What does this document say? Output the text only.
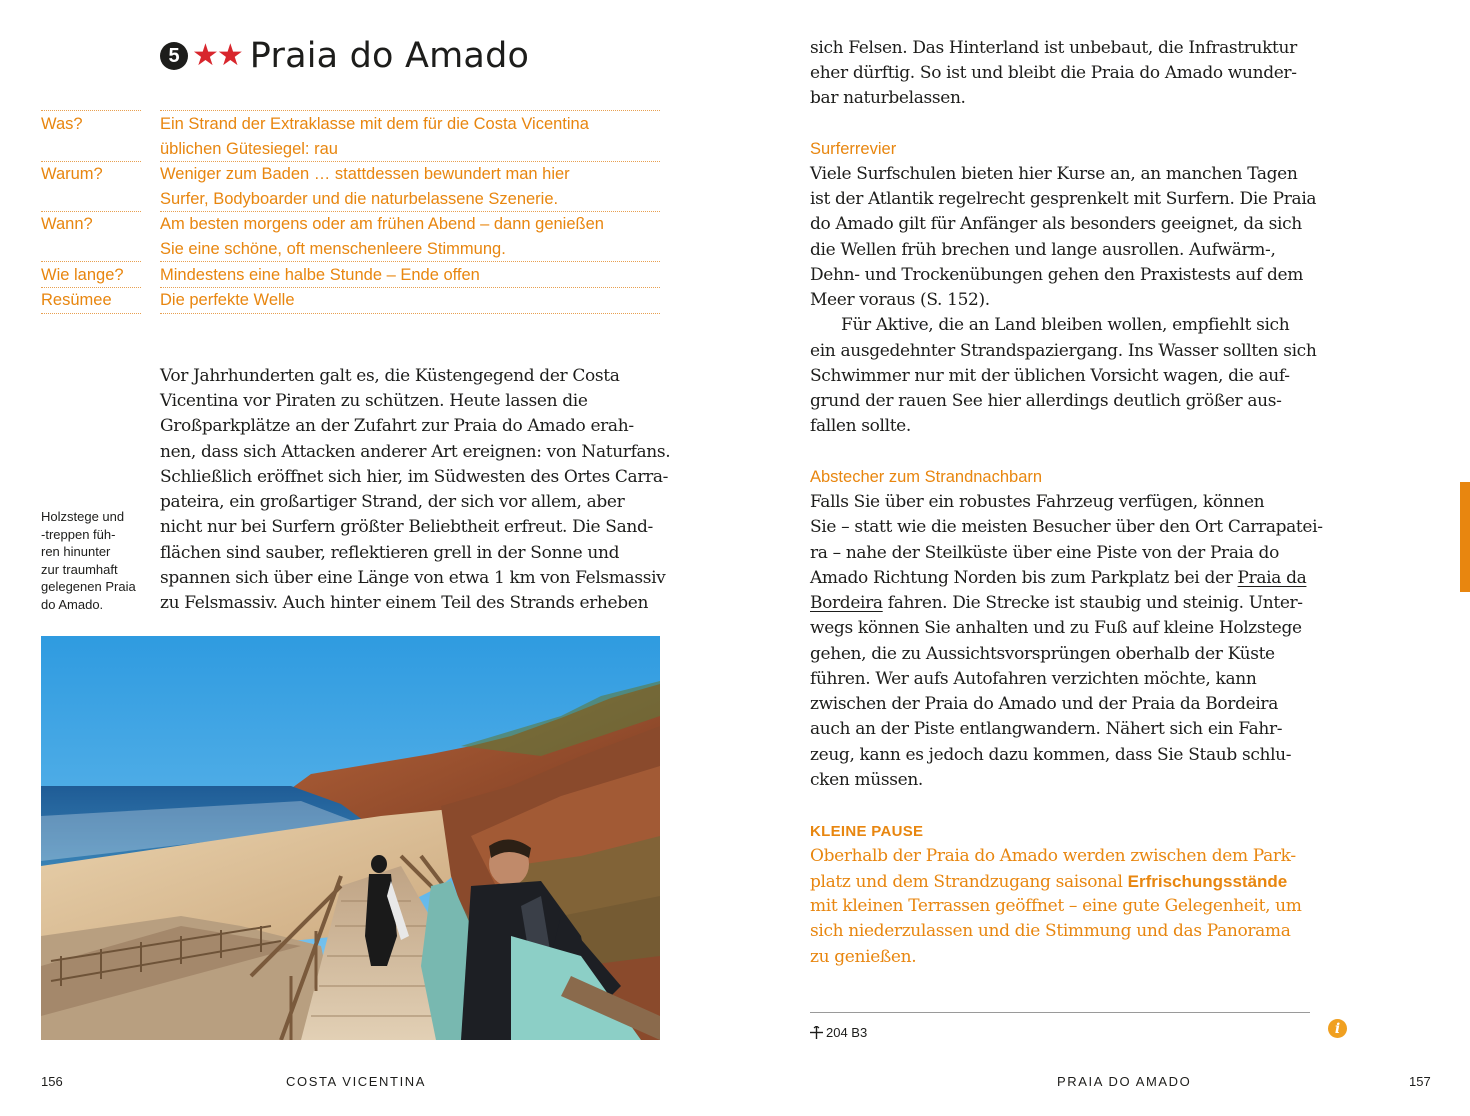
5 ★★ Praia do Amado
Was?	Ein Strand der Extraklasse mit dem für die Costa Vicentina
üblichen Gütesiegel: rau
Warum?	Weniger zum Baden … stattdessen bewundert man hier
Surfer, Bodyboarder und die naturbelassene Szenerie.
Wann?	Am besten morgens oder am frühen Abend – dann genießen
Sie eine schöne, oft menschenleere Stimmung.
Wie lange?	Mindestens eine halbe Stunde – Ende offen
Resümee	Die perfekte Welle
Holzstege und
-treppen füh-
ren hinunter
zur traumhaft
gelegenen Praia
do Amado.
Vor Jahrhunderten galt es, die Küstengegend der Costa
Vicentina vor Piraten zu schützen. Heute lassen die
Großparkplätze an der Zufahrt zur Praia do Amado erah-
nen, dass sich Attacken anderer Art ereignen: von Naturfans.
Schließlich eröffnet sich hier, im Südwesten des Ortes Carra-
pateira, ein großartiger Strand, der sich vor allem, aber
nicht nur bei Surfern größter Beliebtheit erfreut. Die Sand-
flächen sind sauber, reflektieren grell in der Sonne und
spannen sich über eine Länge von etwa 1 km von Felsmassiv
zu Felsmassiv. Auch hinter einem Teil des Strands erheben
156	COSTA VICENTINA
sich Felsen. Das Hinterland ist unbebaut, die Infrastruktur
eher dürftig. So ist und bleibt die Praia do Amado wunder-
bar naturbelassen.
Surferrevier
Viele Surfschulen bieten hier Kurse an, an manchen Tagen
ist der Atlantik regelrecht gesprenkelt mit Surfern. Die Praia
do Amado gilt für Anfänger als besonders geeignet, da sich
die Wellen früh brechen und lange ausrollen. Aufwärm-,
Dehn- und Trockenübungen gehen den Praxistests auf dem
Meer voraus (S. 152).
Für Aktive, die an Land bleiben wollen, empfiehlt sich
ein ausgedehnter Strandspaziergang. Ins Wasser sollten sich
Schwimmer nur mit der üblichen Vorsicht wagen, die auf-
grund der rauen See hier allerdings deutlich größer aus-
fallen sollte.
Abstecher zum Strandnachbarn
Falls Sie über ein robustes Fahrzeug verfügen, können
Sie – statt wie die meisten Besucher über den Ort Carrapatei-
ra – nahe der Steilküste über eine Piste von der Praia do
Amado Richtung Norden bis zum Parkplatz bei der Praia da
Bordeira fahren. Die Strecke ist staubig und steinig. Unter-
wegs können Sie anhalten und zu Fuß auf kleine Holzstege
gehen, die zu Aussichtsvorsprüngen oberhalb der Küste
führen. Wer aufs Autofahren verzichten möchte, kann
zwischen der Praia do Amado und der Praia da Bordeira
auch an der Piste entlangwandern. Nähert sich ein Fahr-
zeug, kann es jedoch dazu kommen, dass Sie Staub schlu-
cken müssen.
KLEINE PAUSE
Oberhalb der Praia do Amado werden zwischen dem Park-
platz und dem Strandzugang saisonal Erfrischungsstände
mit kleinen Terrassen geöffnet – eine gute Gelegenheit, um
sich niederzulassen und die Stimmung und das Panorama
zu genießen.
204 B3	i
PRAIA DO AMADO	157
